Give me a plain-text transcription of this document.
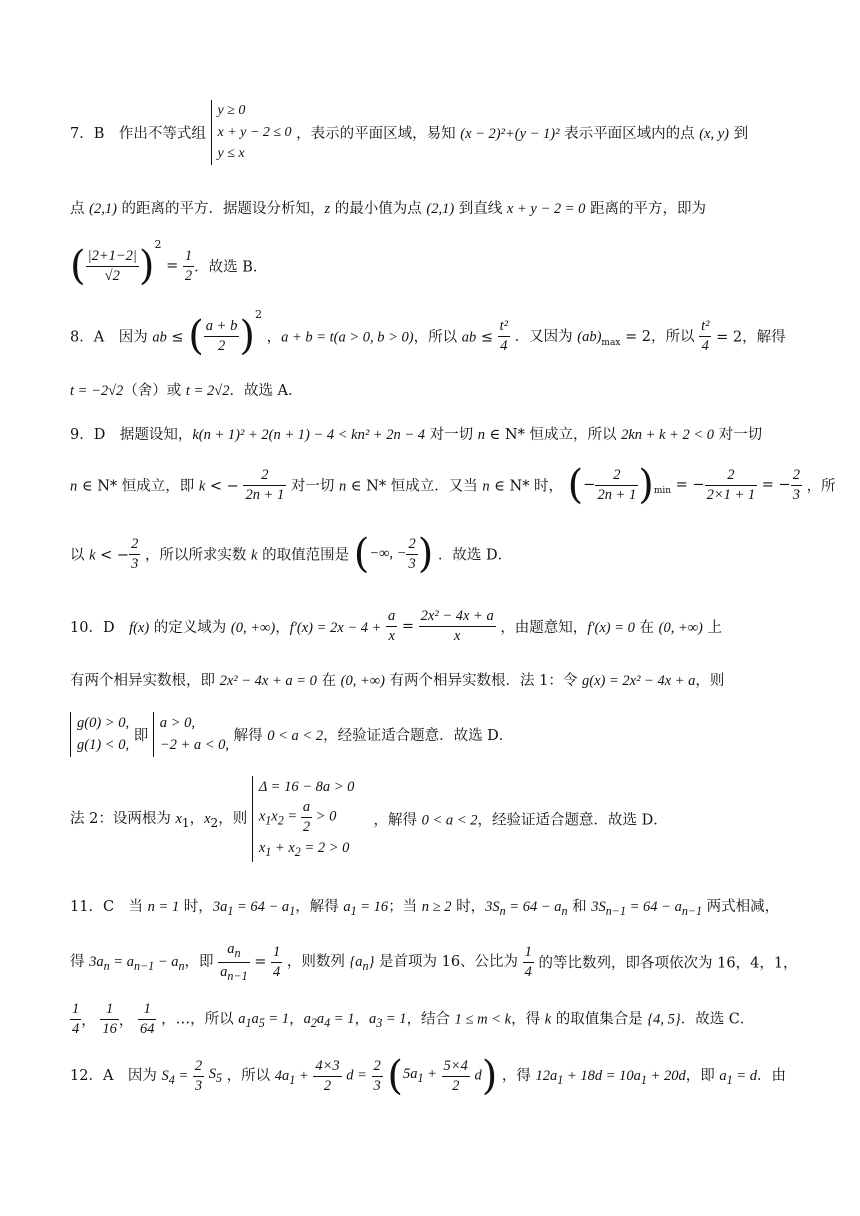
7．B　作出不等式组
y ≥ 0
x + y − 2 ≤ 0
y ≤ x
，表示的平面区域，易知 (x − 2)²+(y − 1)² 表示平面区域内的点 (x, y) 到
点 (2,1) 的距离的平方．据题设分析知，z 的最小值为点 (2,1) 到直线 x + y − 2 = 0 距离的平方，即为
( $\frac{|2+1-2|}{√2} )^2 = \frac{1}{2}$ ．故选 B．
8．A　因为 ab ≤ ( $\frac{a + b}{2} )^2$ ，a + b = t(a > 0, b > 0)，所以 ab ≤ $\frac{\text{t²}}{4}$ ．又因为 $(ab)_{max} = 2$，所以 $\frac{\text{t²}}{4} = 2$，解得
t = −2√2（舍）或 t = 2√2．故选 A．
9．D　据题设知，k(n + 1)² + 2(n + 1) − 4 < kn² + 2n − 4 对一切 n ∈ N* 恒成立，所以 2kn + k + 2 < 0 对一切
n ∈ N* 恒成立，即 k < − $\frac{2}{2n + 1}$ 对一切 n ∈ N* 恒成立．又当 n ∈ N* 时， (− $\frac{2}{2n + 1} )_{min}$ = − $\frac{2}{2\times 1 + 1}$ = − $\frac{2}{3}$ ，所
以 k < − $\frac{2}{3}$ ，所以所求实数 k 的取值范围是 (−∞, − $\frac{2}{3}$ ) ．故选 D．
10．D　f(x) 的定义域为 (0, +∞)，$f'(x) = 2x - 4 + \frac{a}{x} = \frac{\text{2x² − 4x + a}}{x}$ ，由题意知，f′(x) = 0 在 (0, +∞) 上
有两个相异实数根，即 2x² − 4x + a = 0 在 (0, +∞) 有两个相异实数根．法 1：令 g(x) = 2x² − 4x + a，则
g(0) > 0,
g(1) < 0,
即
a > 0,
−2 + a < 0,
解得 0 < a < 2，经验证适合题意．故选 D．
法 2：设两根为 $x_1$，$x_2$，则
Δ = 16 − 8a > 0
$x_1x_2 = \frac{a}{2} > 0$
$x_1 + x_2 = 2 > 0$
　，解得 0 < a < 2，经验证适合题意．故选 D．
11．C　当 n = 1 时，$3a_1 = 64 - a_1$，解得 $a_1 = 16$；当 n ≥ 2 时，$3S_n = 64 - a_n$ 和 $3S_{n-1} = 64 - a_{n-1}$ 两式相减，
得 $3a_n = a_{n-1} - a_n$，即 $\frac{a_n}{a_{n-1}} = \frac{1}{4}$ ，则数列 $\{a_n\}$ 是首项为 16、公比为 $\frac{1}{4}$ 的等比数列，即各项依次为 16，4，1，
$\frac{1}{4}$ ， $\frac{1}{16}$ ， $\frac{1}{64}$ ，…，所以 $a_1a_5 = 1$，$a_2a_4 = 1$，$a_3 = 1$，结合 1 ≤ m < k，得 k 的取值集合是 {4, 5}．故选 C．
12．A　因为 $S_4 = \frac{2}{3} S_5$ ，所以 $4a_1 + \frac{4\times 3}{2}$ $d = \frac{2}{3} (5a_1 + \frac{5\times 4}{2} d)$ ，得 $12a_1 + 18d = 10a_1 + 20d$，即 $a_1 = d$．由
